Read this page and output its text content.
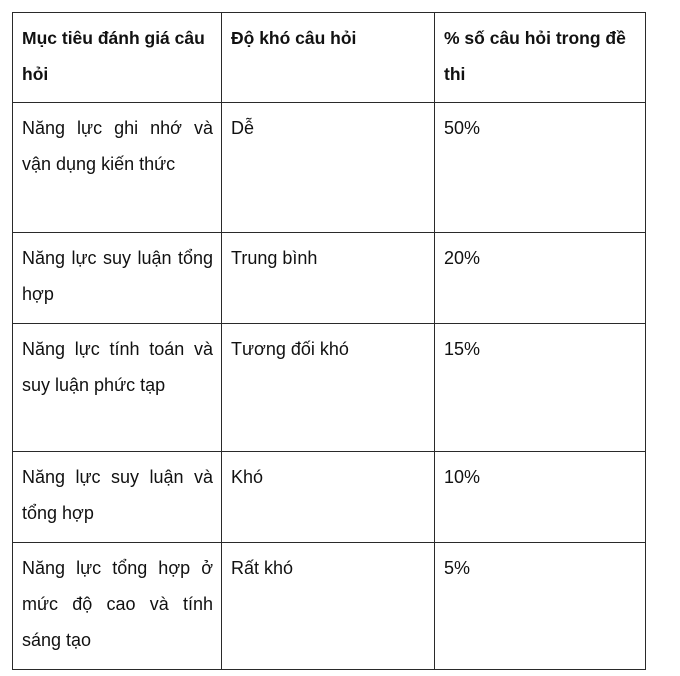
Mục tiêu đánh giá câu hỏi	Độ khó câu hỏi	% số câu hỏi trong đề thi
Năng lực ghi nhớ và vận dụng kiến thức	Dễ	50%
Năng lực suy luận tổng hợp	Trung bình	20%
Năng lực tính toán và suy luận phức tạp	Tương đối khó	15%
Năng lực suy luận và tổng hợp	Khó	10%
Năng lực tổng hợp ở mức độ cao và tính sáng tạo	Rất khó	5%
